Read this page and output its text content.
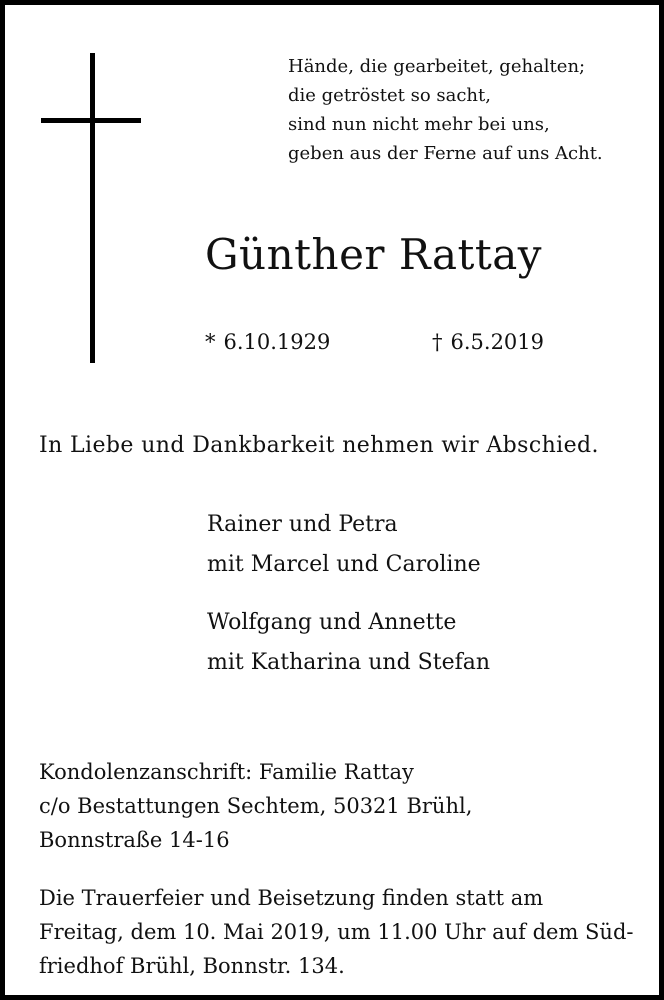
Hände, die gearbeitet, gehalten;
die getröstet so sacht,
sind nun nicht mehr bei uns,
geben aus der Ferne auf uns Acht.
Günther Rattay
* 6.10.1929	† 6.5.2019
In Liebe und Dankbarkeit nehmen wir Abschied.
Rainer und Petra
mit Marcel und Caroline
Wolfgang und Annette
mit Katharina und Stefan
Kondolenzanschrift: Familie Rattay
c/o Bestattungen Sechtem, 50321 Brühl,
Bonnstraße 14-16
Die Trauerfeier und Beisetzung finden statt am
Freitag, dem 10. Mai 2019, um 11.00 Uhr auf dem Süd-
friedhof Brühl, Bonnstr. 134.
